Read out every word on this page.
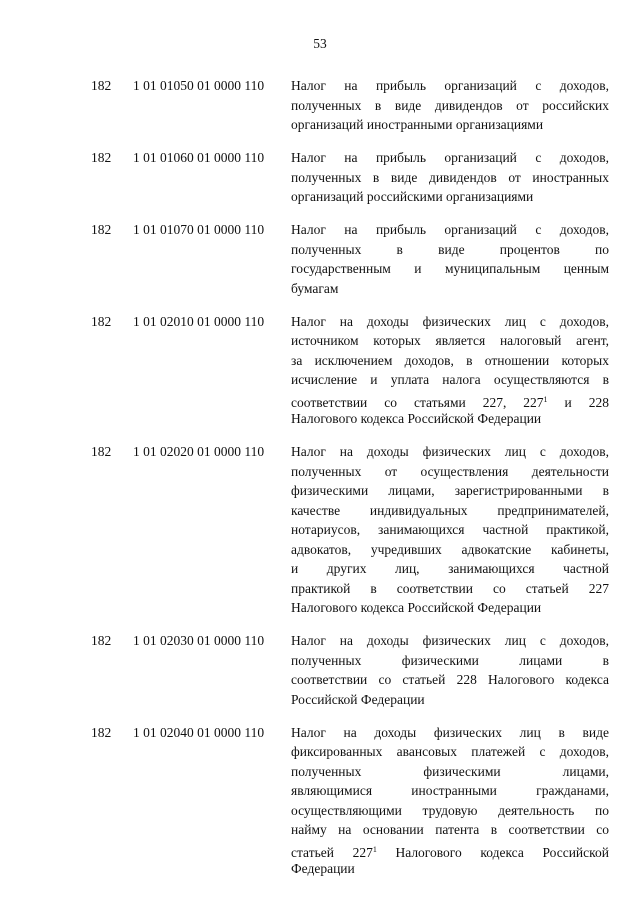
53
182 1 01 01050 01 0000 110 Налог на прибыль организаций с доходов,
полученных в виде дивидендов от российских
организаций иностранными организациями
182 1 01 01060 01 0000 110 Налог на прибыль организаций с доходов,
полученных в виде дивидендов от иностранных
организаций российскими организациями
182 1 01 01070 01 0000 110 Налог на прибыль организаций с доходов,
полученных в виде процентов по
государственным и муниципальным ценным
бумагам
182 1 01 02010 01 0000 110 Налог на доходы физических лиц с доходов,
источником которых является налоговый агент,
за исключением доходов, в отношении которых
исчисление и уплата налога осуществляются в
соответствии со статьями 227, $227^1$ и 228
Налогового кодекса Российской Федерации
182 1 01 02020 01 0000 110 Налог на доходы физических лиц с доходов,
полученных от осуществления деятельности
физическими лицами, зарегистрированными в
качестве индивидуальных предпринимателей,
нотариусов, занимающихся частной практикой,
адвокатов, учредивших адвокатские кабинеты,
и других лиц, занимающихся частной
практикой в соответствии со статьей 227
Налогового кодекса Российской Федерации
182 1 01 02030 01 0000 110 Налог на доходы физических лиц с доходов,
полученных физическими лицами в
соответствии со статьей 228 Налогового кодекса
Российской Федерации
182 1 01 02040 01 0000 110 Налог на доходы физических лиц в виде
фиксированных авансовых платежей с доходов,
полученных физическими лицами,
являющимися иностранными гражданами,
осуществляющими трудовую деятельность по
найму на основании патента в соответствии со
статьей $227^1$ Налогового кодекса Российской
Федерации
